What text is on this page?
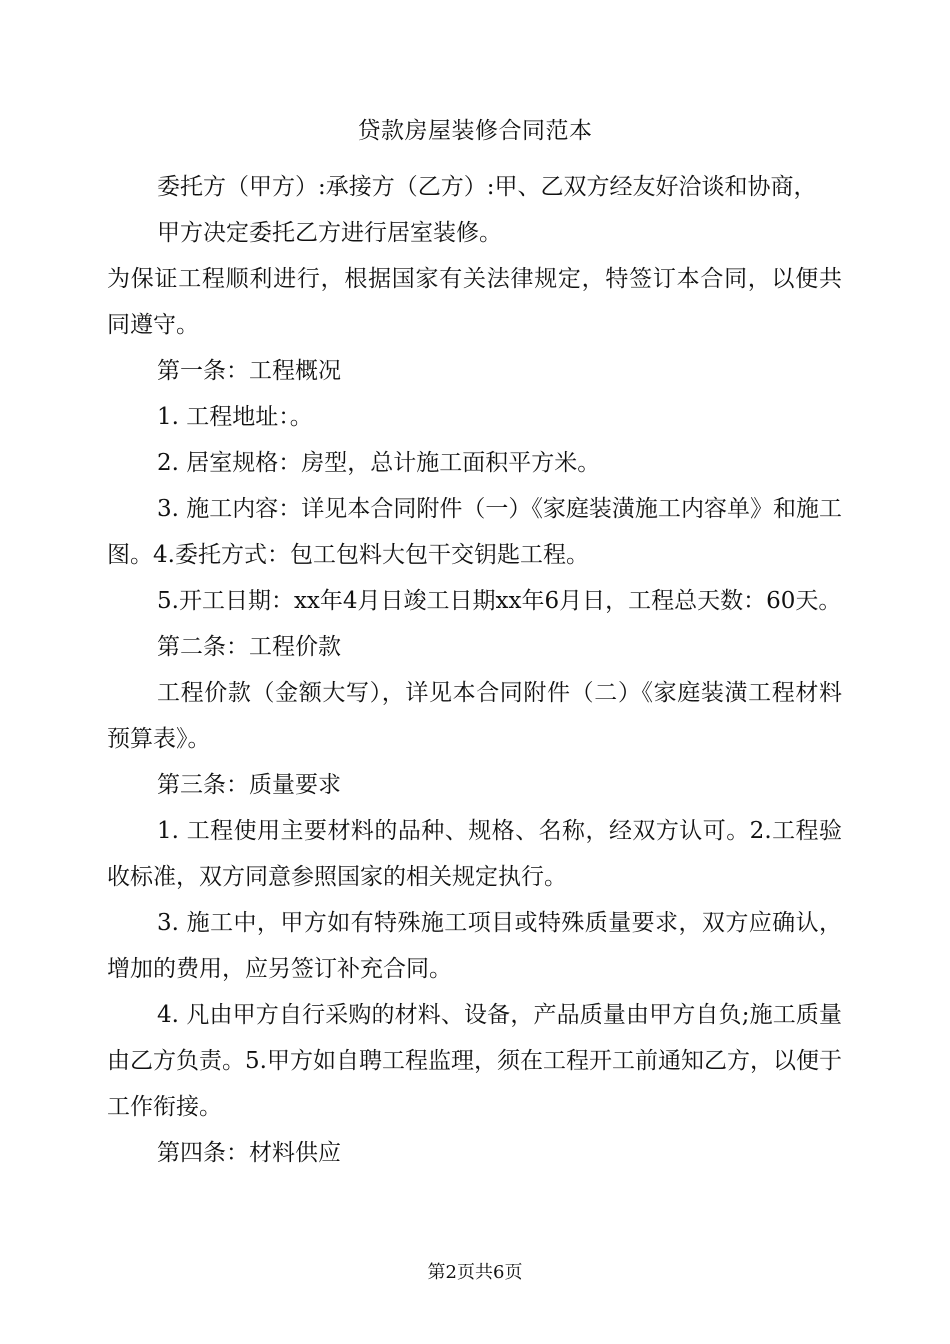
贷款房屋装修合同范本

委托方（甲方）:承接方（乙方）:甲、乙双方经友好洽谈和协商，

甲方决定委托乙方进行居室装修。

为保证工程顺利进行，根据国家有关法律规定，特签订本合同，以便共同遵守。

第一条：工程概况

1. 工程地址：。

2. 居室规格：房型，总计施工面积平方米。

3. 施工内容：详见本合同附件（一）《家庭装潢施工内容单》和施工图。4.委托方式：包工包料大包干交钥匙工程。

5.开工日期：xx年4月日竣工日期xx年6月日，工程总天数：60天。

第二条：工程价款

工程价款（金额大写），详见本合同附件（二）《家庭装潢工程材料预算表》。

第三条：质量要求

1. 工程使用主要材料的品种、规格、名称，经双方认可。2.工程验收标准，双方同意参照国家的相关规定执行。

3. 施工中，甲方如有特殊施工项目或特殊质量要求，双方应确认，增加的费用，应另签订补充合同。

4. 凡由甲方自行采购的材料、设备，产品质量由甲方自负;施工质量由乙方负责。5.甲方如自聘工程监理，须在工程开工前通知乙方，以便于工作衔接。

第四条：材料供应

第2页共6页
